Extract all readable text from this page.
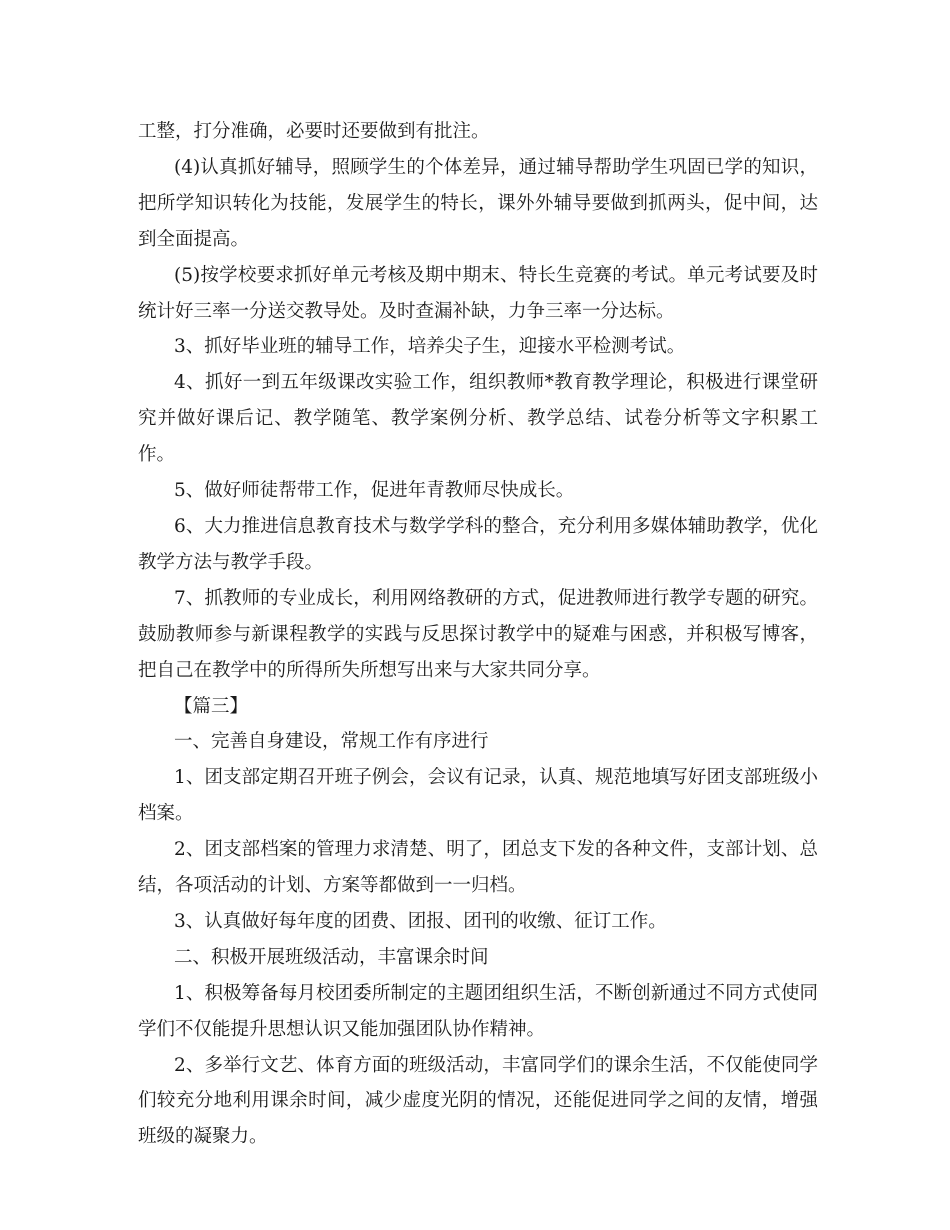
工整，打分准确，必要时还要做到有批注。

(4)认真抓好辅导，照顾学生的个体差异，通过辅导帮助学生巩固已学的知识，把所学知识转化为技能，发展学生的特长，课外外辅导要做到抓两头，促中间，达到全面提高。

(5)按学校要求抓好单元考核及期中期末、特长生竞赛的考试。单元考试要及时统计好三率一分送交教导处。及时查漏补缺，力争三率一分达标。

3、抓好毕业班的辅导工作，培养尖子生，迎接水平检测考试。

4、抓好一到五年级课改实验工作，组织教师*教育教学理论，积极进行课堂研究并做好课后记、教学随笔、教学案例分析、教学总结、试卷分析等文字积累工作。

5、做好师徒帮带工作，促进年青教师尽快成长。

6、大力推进信息教育技术与数学学科的整合，充分利用多媒体辅助教学，优化教学方法与教学手段。

7、抓教师的专业成长，利用网络教研的方式，促进教师进行教学专题的研究。鼓励教师参与新课程教学的实践与反思探讨教学中的疑难与困惑，并积极写博客，把自己在教学中的所得所失所想写出来与大家共同分享。

【篇三】

一、完善自身建设，常规工作有序进行

1、团支部定期召开班子例会，会议有记录，认真、规范地填写好团支部班级小档案。

2、团支部档案的管理力求清楚、明了，团总支下发的各种文件，支部计划、总结，各项活动的计划、方案等都做到一一归档。

3、认真做好每年度的团费、团报、团刊的收缴、征订工作。

二、积极开展班级活动，丰富课余时间

1、积极筹备每月校团委所制定的主题团组织生活，不断创新通过不同方式使同学们不仅能提升思想认识又能加强团队协作精神。

2、多举行文艺、体育方面的班级活动，丰富同学们的课余生活，不仅能使同学们较充分地利用课余时间，减少虚度光阴的情况，还能促进同学之间的友情，增强班级的凝聚力。
